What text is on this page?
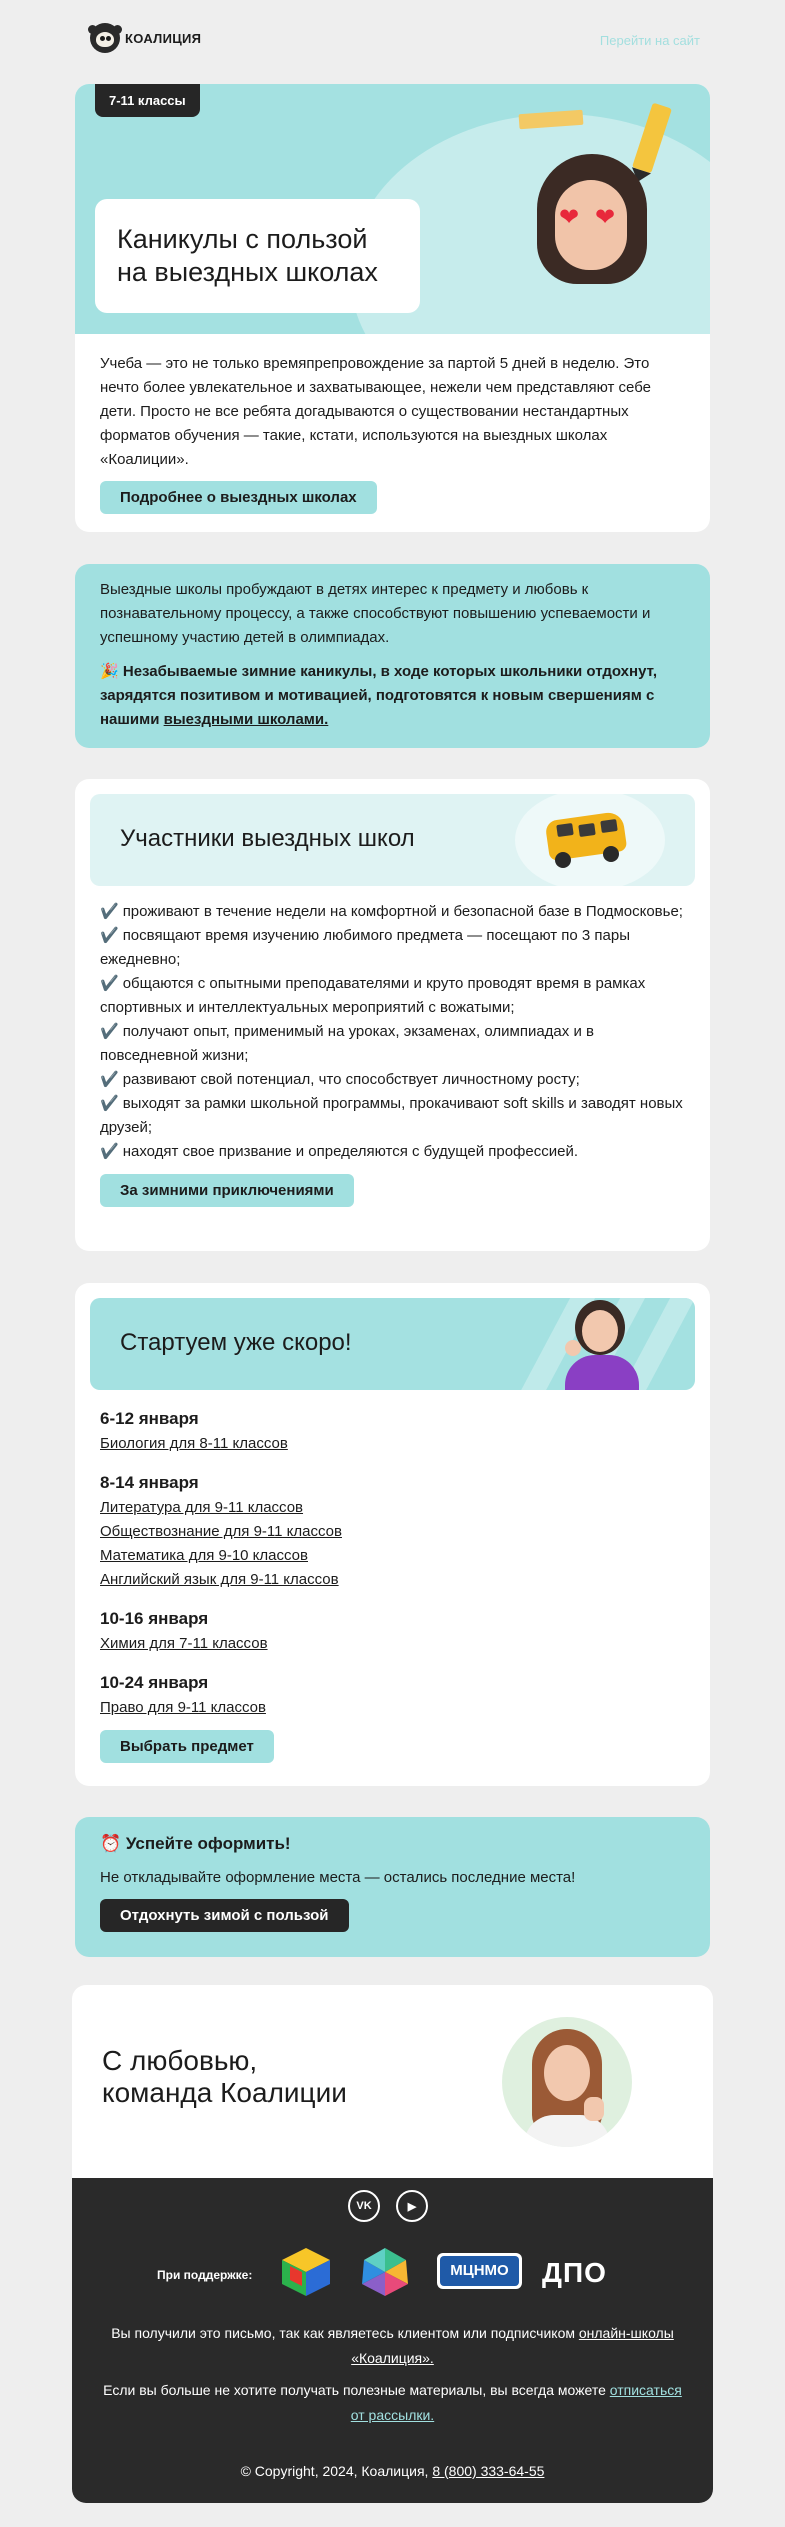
КОАЛИЦИЯ	Перейти на сайт
7-11 классы
❤ ❤
Каникулы с пользой
на выездных школах
Учеба — это не только времяпрепровождение за партой 5 дней в неделю. Это нечто более увлекательное и захватывающее, нежели чем представляют себе дети. Просто не все ребята догадываются о существовании нестандартных форматов обучения — такие, кстати, используются на выездных школах «Коалиции».
Подробнее о выездных школах

Выездные школы пробуждают в детях интерес к предмету и любовь к познавательному процессу, а также способствуют повышению успеваемости и успешному участию детей в олимпиадах.

🎉 Незабываемые зимние каникулы, в ходе которых школьники отдохнут, зарядятся позитивом и мотивацией, подготовятся к новым свершениям с нашими выездными школами.

Участники выездных школ
✔️ проживают в течение недели на комфортной и безопасной базе в Подмосковье;
✔️ посвящают время изучению любимого предмета — посещают по 3 пары ежедневно;
✔️ общаются с опытными преподавателями и круто проводят время в рамках спортивных и интеллектуальных мероприятий с вожатыми;
✔️ получают опыт, применимый на уроках, экзаменах, олимпиадах и в повседневной жизни;
✔️ развивают свой потенциал, что способствует личностному росту;
✔️ выходят за рамки школьной программы, прокачивают soft skills и заводят новых друзей;
✔️ находят свое призвание и определяются с будущей профессией.
За зимними приключениями
Стартуем уже скоро!
6-12 января
Биология для 8-11 классов
8-14 января
Литература для 9-11 классов
Обществознание для 9-11 классов
Математика для 9-10 классов
Английский язык для 9-11 классов
10-16 января
Химия для 7-11 классов
10-24 января
Право для 9-11 классов
Выбрать предмет
⏰ Успейте оформить!
Не откладывайте оформление места — остались последние места!
Отдохнуть зимой с пользой
С любовью,
команда Коалиции
VK	▶
При поддержке:	МЦНМО	ДПО
Вы получили это письмо, так как являетесь клиентом или подписчиком онлайн-школы «Коалиция».
Если вы больше не хотите получать полезные материалы, вы всегда можете отписаться от рассылки.
© Copyright, 2024, Коалиция, 8 (800) 333-64-55
